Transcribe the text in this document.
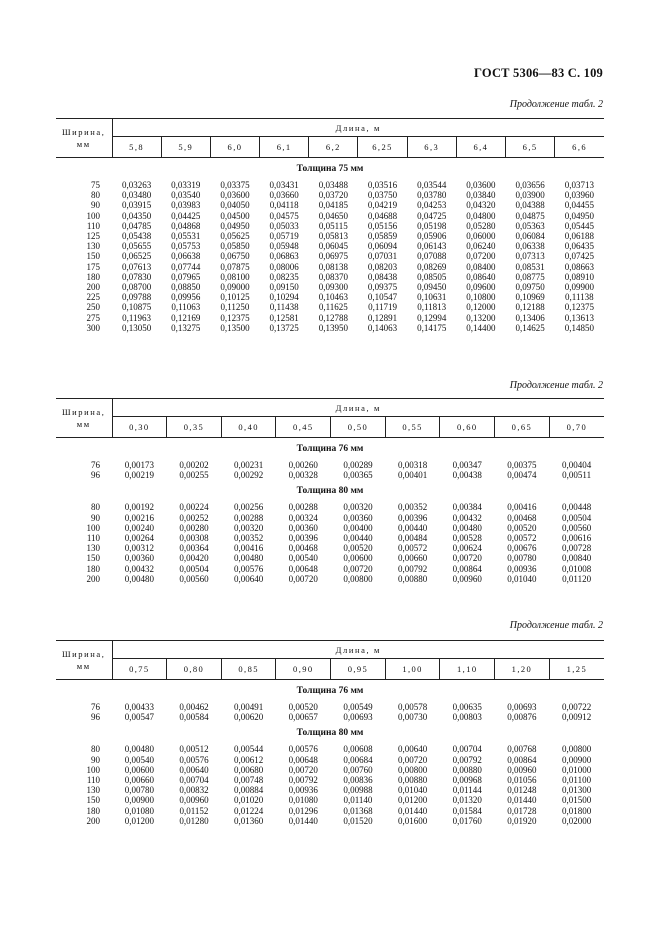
ГОСТ 5306—83 С. 109
Продолжение табл. 2
Ширина,
мм	Длина, м									
	5,8	5,9	6,0	6,1	6,2	6,25	6,3	6,4	6,5	6,6
Толщина 75 мм										
75	0,03263	0,03319	0,03375	0,03431	0,03488	0,03516	0,03544	0,03600	0,03656	0,03713
80	0,03480	0,03540	0,03600	0,03660	0,03720	0,03750	0,03780	0,03840	0,03900	0,03960
90	0,03915	0,03983	0,04050	0,04118	0,04185	0,04219	0,04253	0,04320	0,04388	0,04455
100	0,04350	0,04425	0,04500	0,04575	0,04650	0,04688	0,04725	0,04800	0,04875	0,04950
110	0,04785	0,04868	0,04950	0,05033	0,05115	0,05156	0,05198	0,05280	0,05363	0,05445
125	0,05438	0,05531	0,05625	0,05719	0,05813	0,05859	0,05906	0,06000	0,06084	0,06188
130	0,05655	0,05753	0,05850	0,05948	0,06045	0,06094	0,06143	0,06240	0,06338	0,06435
150	0,06525	0,06638	0,06750	0,06863	0,06975	0,07031	0,07088	0,07200	0,07313	0,07425
175	0,07613	0,07744	0,07875	0,08006	0,08138	0,08203	0,08269	0,08400	0,08531	0,08663
180	0,07830	0,07965	0,08100	0,08235	0,08370	0,08438	0,08505	0,08640	0,08775	0,08910
200	0,08700	0,08850	0,09000	0,09150	0,09300	0,09375	0,09450	0,09600	0,09750	0,09900
225	0,09788	0,09956	0,10125	0,10294	0,10463	0,10547	0,10631	0,10800	0,10969	0,11138
250	0,10875	0,11063	0,11250	0,11438	0,11625	0,11719	0,11813	0,12000	0,12188	0,12375
275	0,11963	0,12169	0,12375	0,12581	0,12788	0,12891	0,12994	0,13200	0,13406	0,13613
300	0,13050	0,13275	0,13500	0,13725	0,13950	0,14063	0,14175	0,14400	0,14625	0,14850
Продолжение табл. 2
Ширина,
мм	Длина, м								
	0,30	0,35	0,40	0,45	0,50	0,55	0,60	0,65	0,70
Толщина 76 мм									
76	0,00173	0,00202	0,00231	0,00260	0,00289	0,00318	0,00347	0,00375	0,00404
96	0,00219	0,00255	0,00292	0,00328	0,00365	0,00401	0,00438	0,00474	0,00511
Толщина 80 мм									
80	0,00192	0,00224	0,00256	0,00288	0,00320	0,00352	0,00384	0,00416	0,00448
90	0,00216	0,00252	0,00288	0,00324	0,00360	0,00396	0,00432	0,00468	0,00504
100	0,00240	0,00280	0,00320	0,00360	0,00400	0,00440	0,00480	0,00520	0,00560
110	0,00264	0,00308	0,00352	0,00396	0,00440	0,00484	0,00528	0,00572	0,00616
130	0,00312	0,00364	0,00416	0,00468	0,00520	0,00572	0,00624	0,00676	0,00728
150	0,00360	0,00420	0,00480	0,00540	0,00600	0,00660	0,00720	0,00780	0,00840
180	0,00432	0,00504	0,00576	0,00648	0,00720	0,00792	0,00864	0,00936	0,01008
200	0,00480	0,00560	0,00640	0,00720	0,00800	0,00880	0,00960	0,01040	0,01120
Продолжение табл. 2
Ширина,
мм	Длина, м								
	0,75	0,80	0,85	0,90	0,95	1,00	1,10	1,20	1,25
Толщина 76 мм									
76	0,00433	0,00462	0,00491	0,00520	0,00549	0,00578	0,00635	0,00693	0,00722
96	0,00547	0,00584	0,00620	0,00657	0,00693	0,00730	0,00803	0,00876	0,00912
Толщина 80 мм									
80	0,00480	0,00512	0,00544	0,00576	0,00608	0,00640	0,00704	0,00768	0,00800
90	0,00540	0,00576	0,00612	0,00648	0,00684	0,00720	0,00792	0,00864	0,00900
100	0,00600	0,00640	0,00680	0,00720	0,00760	0,00800	0,00880	0,00960	0,01000
110	0,00660	0,00704	0,00748	0,00792	0,00836	0,00880	0,00968	0,01056	0,01100
130	0,00780	0,00832	0,00884	0,00936	0,00988	0,01040	0,01144	0,01248	0,01300
150	0,00900	0,00960	0,01020	0,01080	0,01140	0,01200	0,01320	0,01440	0,01500
180	0,01080	0,01152	0,01224	0,01296	0,01368	0,01440	0,01584	0,01728	0,01800
200	0,01200	0,01280	0,01360	0,01440	0,01520	0,01600	0,01760	0,01920	0,02000
